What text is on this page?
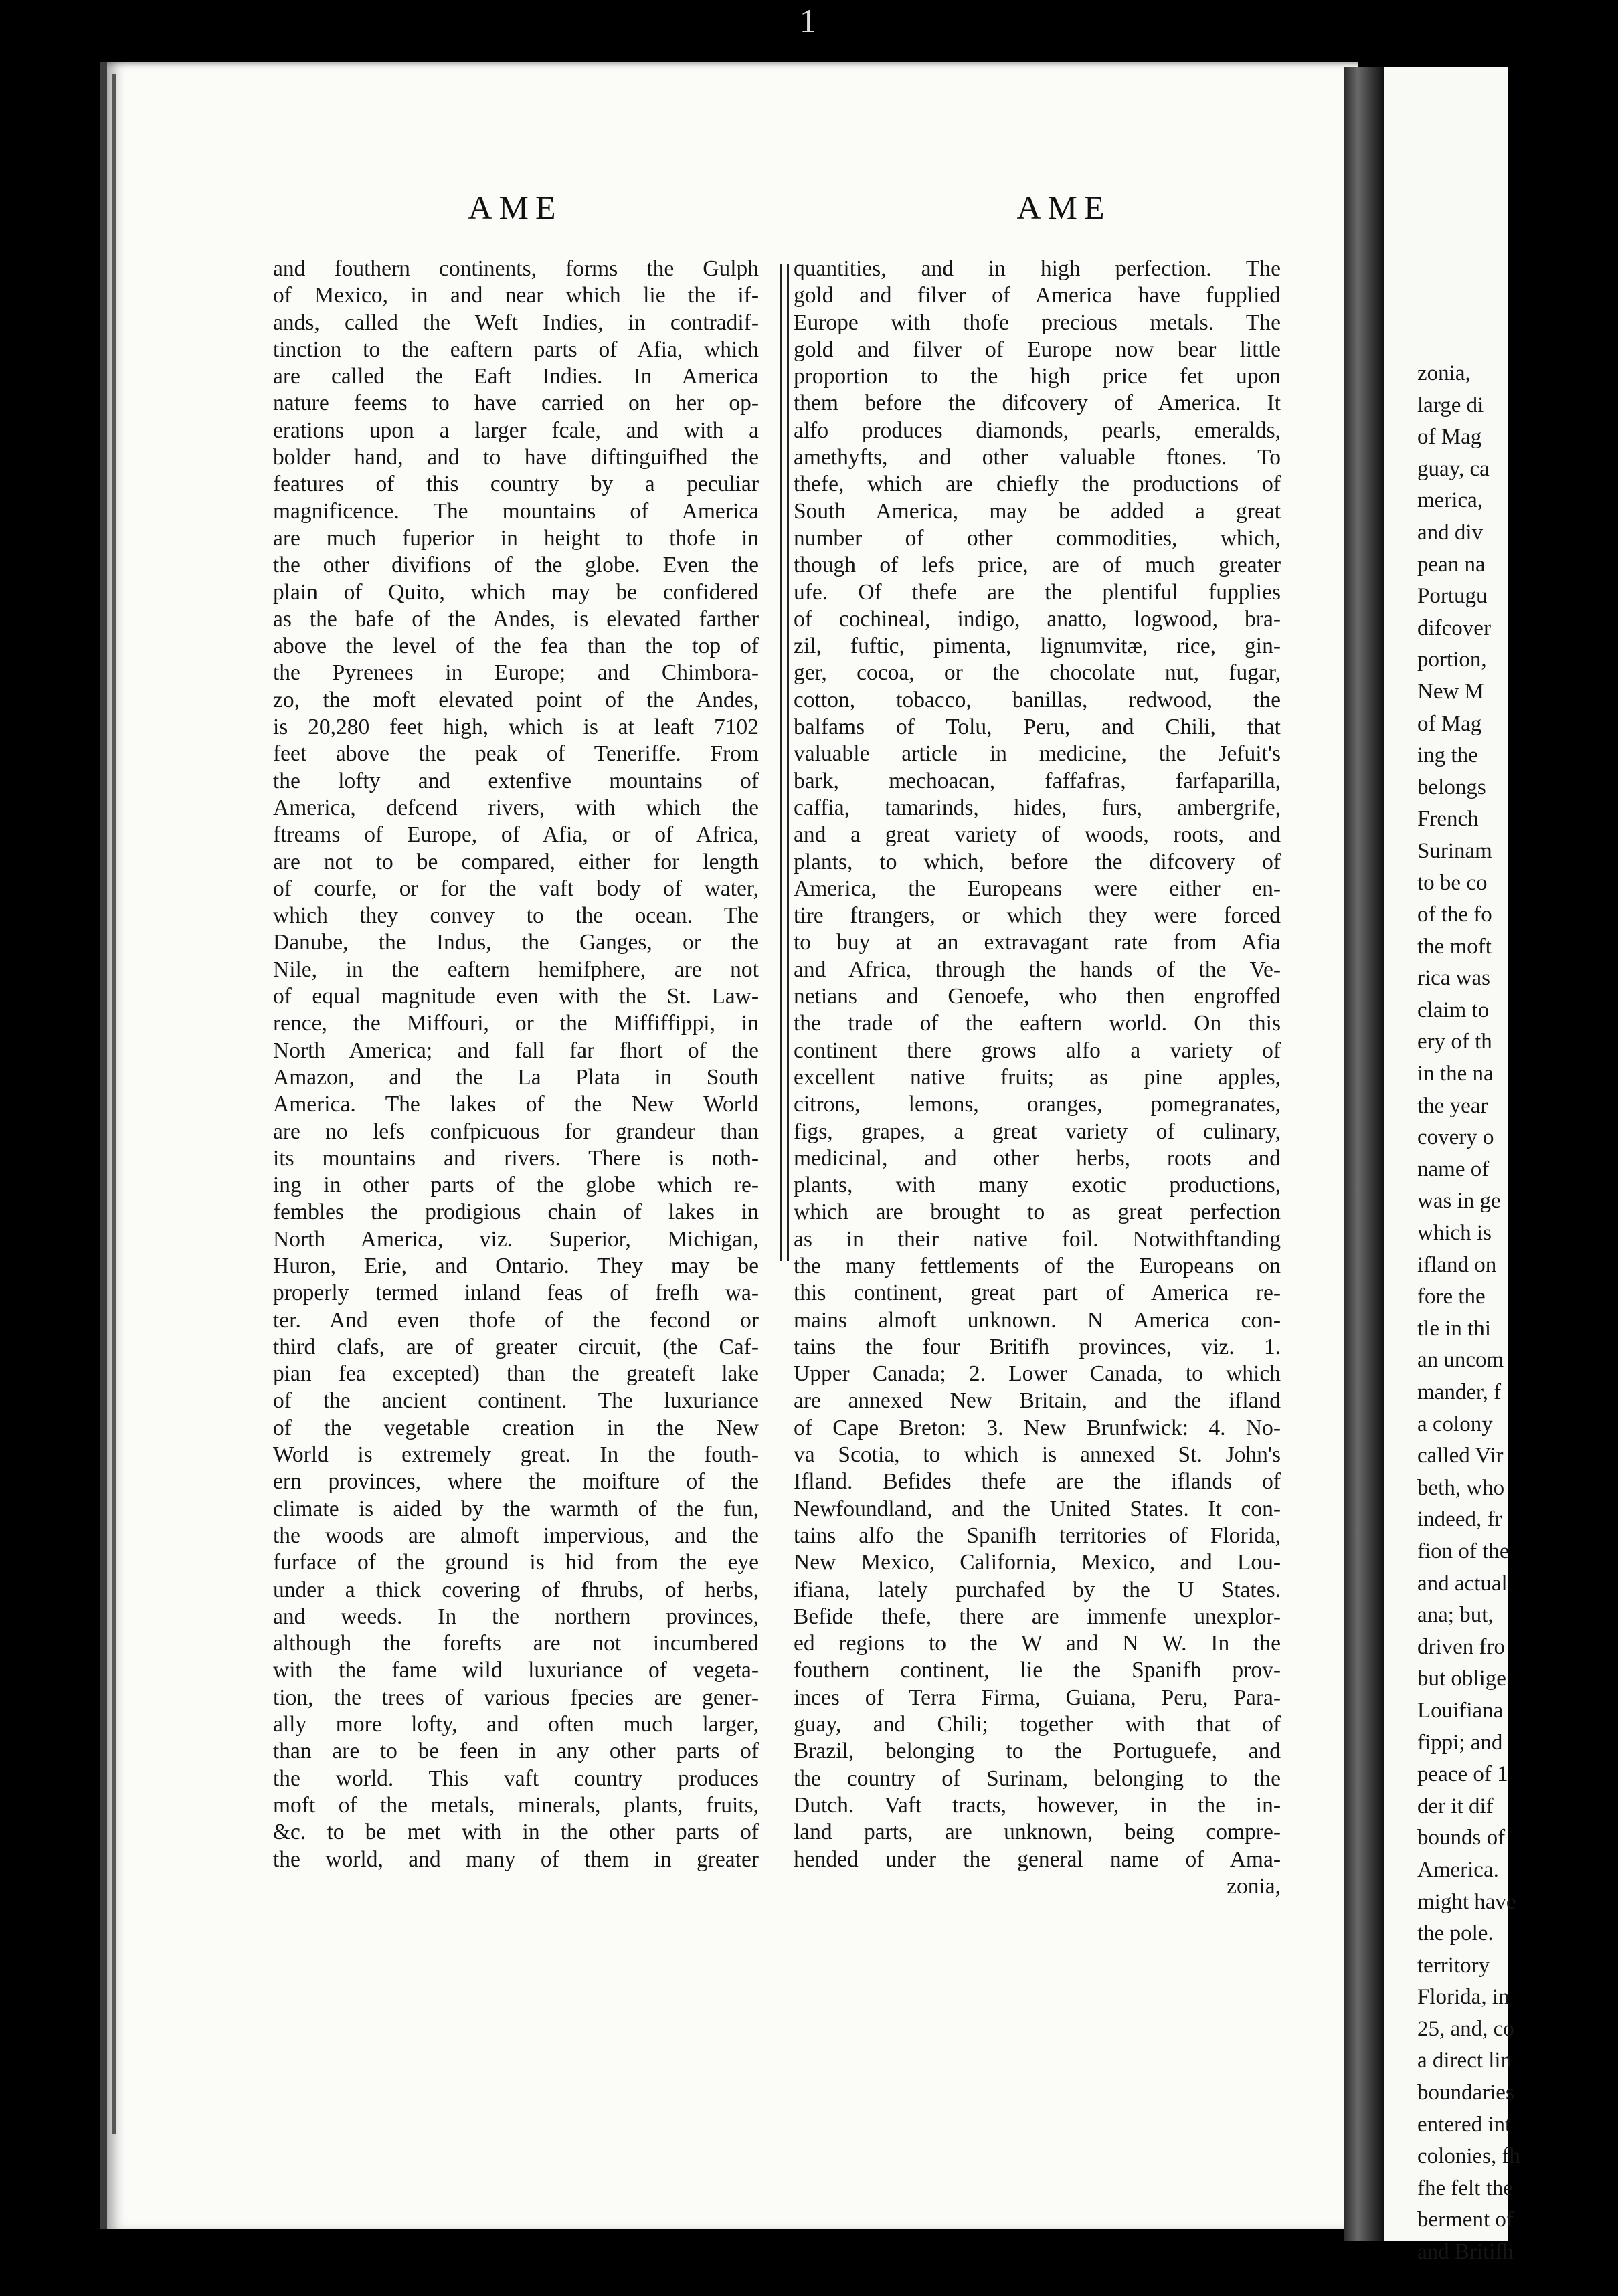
1
AME	AME
and fouthern continents, forms the Gulph
of Mexico, in and near which lie the if-
ands, called the Weft Indies, in contradif-
tinction to the eaftern parts of Afia, which
are called the Eaft Indies. In America
nature feems to have carried on her op-
erations upon a larger fcale, and with a
bolder hand, and to have diftinguifhed the
features of this country by a peculiar
magnificence. The mountains of America
are much fuperior in height to thofe in
the other divifions of the globe. Even the
plain of Quito, which may be confidered
as the bafe of the Andes, is elevated farther
above the level of the fea than the top of
the Pyrenees in Europe; and Chimbora-
zo, the moft elevated point of the Andes,
is 20,280 feet high, which is at leaft 7102
feet above the peak of Teneriffe. From
the lofty and extenfive mountains of
America, defcend rivers, with which the
ftreams of Europe, of Afia, or of Africa,
are not to be compared, either for length
of courfe, or for the vaft body of water,
which they convey to the ocean. The
Danube, the Indus, the Ganges, or the
Nile, in the eaftern hemifphere, are not
of equal magnitude even with the St. Law-
rence, the Miffouri, or the Miffiffippi, in
North America; and fall far fhort of the
Amazon, and the La Plata in South
America. The lakes of the New World
are no lefs confpicuous for grandeur than
its mountains and rivers. There is noth-
ing in other parts of the globe which re-
fembles the prodigious chain of lakes in
North America, viz. Superior, Michigan,
Huron, Erie, and Ontario. They may be
properly termed inland feas of frefh wa-
ter. And even thofe of the fecond or
third clafs, are of greater circuit, (the Caf-
pian fea excepted) than the greateft lake
of the ancient continent. The luxuriance
of the vegetable creation in the New
World is extremely great. In the fouth-
ern provinces, where the moifture of the
climate is aided by the warmth of the fun,
the woods are almoft impervious, and the
furface of the ground is hid from the eye
under a thick covering of fhrubs, of herbs,
and weeds. In the northern provinces,
although the forefts are not incumbered
with the fame wild luxuriance of vegeta-
tion, the trees of various fpecies are gener-
ally more lofty, and often much larger,
than are to be feen in any other parts of
the world. This vaft country produces
moft of the metals, minerals, plants, fruits,
&c. to be met with in the other parts of
the world, and many of them in greater
quantities, and in high perfection. The
gold and filver of America have fupplied
Europe with thofe precious metals. The
gold and filver of Europe now bear little
proportion to the high price fet upon
them before the difcovery of America. It
alfo produces diamonds, pearls, emeralds,
amethyfts, and other valuable ftones. To
thefe, which are chiefly the productions of
South America, may be added a great
number of other commodities, which,
though of lefs price, are of much greater
ufe. Of thefe are the plentiful fupplies
of cochineal, indigo, anatto, logwood, bra-
zil, fuftic, pimenta, lignumvitæ, rice, gin-
ger, cocoa, or the chocolate nut, fugar,
cotton, tobacco, banillas, redwood, the
balfams of Tolu, Peru, and Chili, that
valuable article in medicine, the Jefuit's
bark, mechoacan, faffafras, farfaparilla,
caffia, tamarinds, hides, furs, ambergrife,
and a great variety of woods, roots, and
plants, to which, before the difcovery of
America, the Europeans were either en-
tire ftrangers, or which they were forced
to buy at an extravagant rate from Afia
and Africa, through the hands of the Ve-
netians and Genoefe, who then engroffed
the trade of the eaftern world. On this
continent there grows alfo a variety of
excellent native fruits; as pine apples,
citrons, lemons, oranges, pomegranates,
figs, grapes, a great variety of culinary,
medicinal, and other herbs, roots and
plants, with many exotic productions,
which are brought to as great perfection
as in their native foil. Notwithftanding
the many fettlements of the Europeans on
this continent, great part of America re-
mains almoft unknown. N America con-
tains the four Britifh provinces, viz. 1.
Upper Canada; 2. Lower Canada, to which
are annexed New Britain, and the ifland
of Cape Breton: 3. New Brunfwick: 4. No-
va Scotia, to which is annexed St. John's
Ifland. Befides thefe are the iflands of
Newfoundland, and the United States. It con-
tains alfo the Spanifh territories of Florida,
New Mexico, California, Mexico, and Lou-
ifiana, lately purchafed by the U States.
Befide thefe, there are immenfe unexplor-
ed regions to the W and N W. In the
fouthern continent, lie the Spanifh prov-
inces of Terra Firma, Guiana, Peru, Para-
guay, and Chili; together with that of
Brazil, belonging to the Portuguefe, and
the country of Surinam, belonging to the
Dutch. Vaft tracts, however, in the in-
land parts, are unknown, being compre-
hended under the general name of Ama-
zonia,
zonia,
large di
of Mag
guay, ca
merica,
and div
pean na
Portugu
difcover
portion,
New M
of Mag
ing the
belongs
French
Surinam
to be co
of the fo
the moft
rica was
claim to
ery of th
in the na
the year
covery o
name of
was in ge
which is
ifland on
fore the
tle in thi
an uncom
mander, f
a colony
called Vir
beth, who
indeed, fr
fion of the
and actual
ana; but,
driven fro
but oblige
Louifiana
fippi; and
peace of 1
der it dif
bounds of
America.
might have
the pole.
territory
Florida, in
25, and, co
a direct lin
boundaries
entered int
colonies, fh
fhe felt the
berment of
and Britifh
